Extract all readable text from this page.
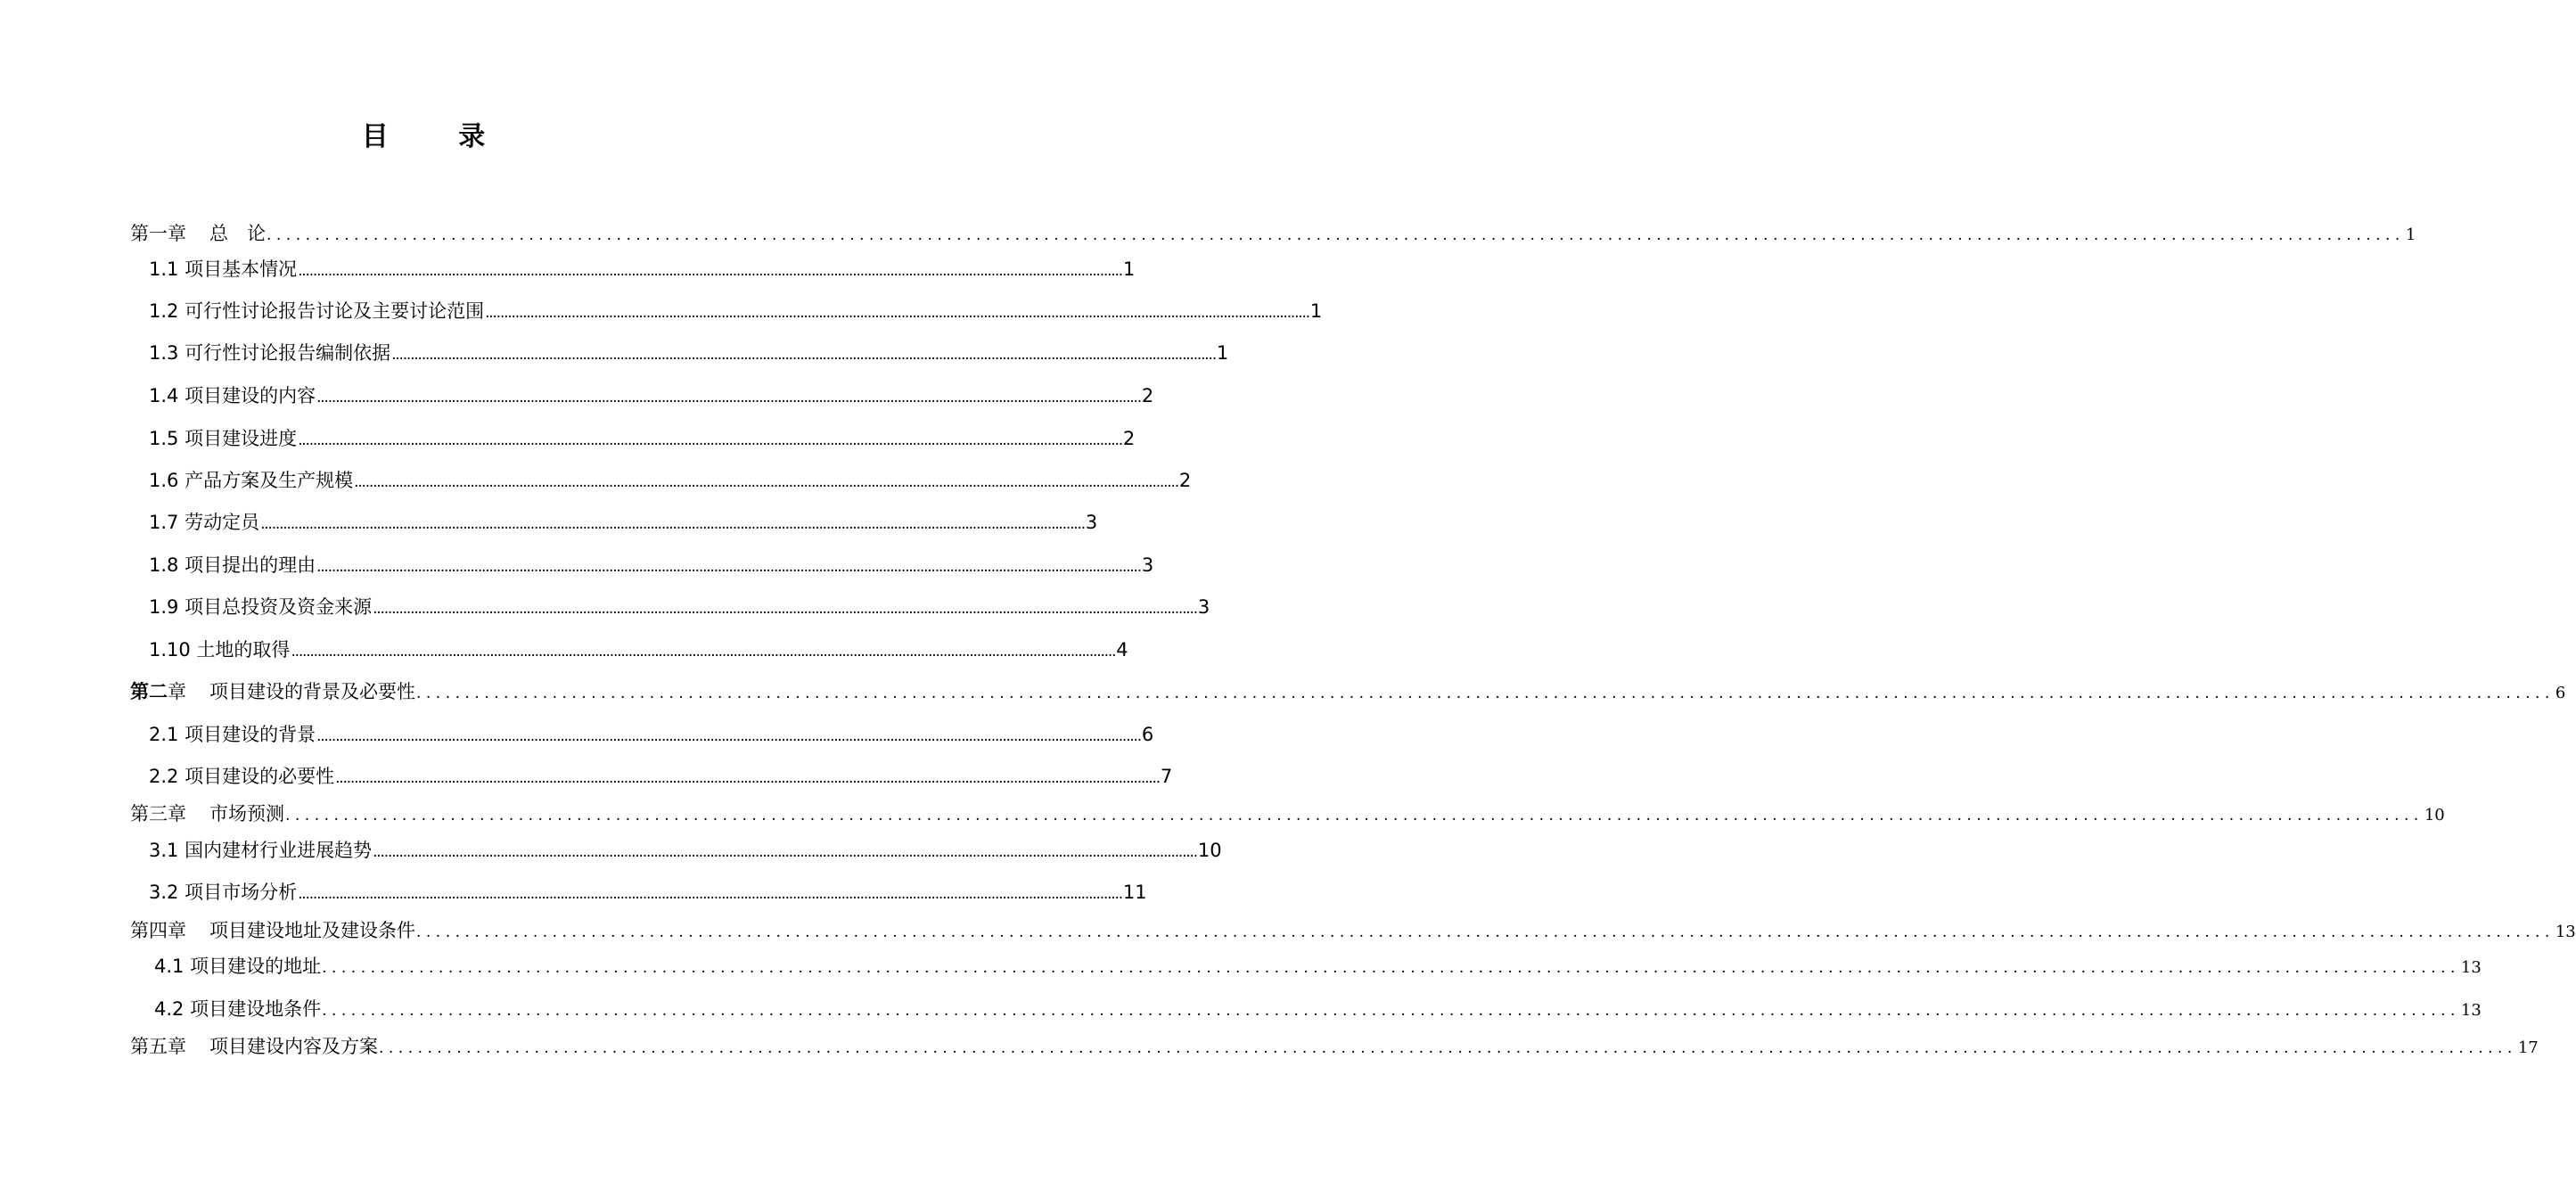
目 录
第一章 总　论 ............................................................................................................................................................................................................................ 1
1.1 项目基本情况 ............................................................................................................................................................................................................................ 1
1.2 可行性讨论报告讨论及主要讨论范围 ............................................................................................................................................................................................................................ 1
1.3 可行性讨论报告编制依据 ............................................................................................................................................................................................................................ 1
1.4 项目建设的内容 ............................................................................................................................................................................................................................ 2
1.5 项目建设进度 ............................................................................................................................................................................................................................ 2
1.6 产品方案及生产规模 ............................................................................................................................................................................................................................ 2
1.7 劳动定员 ............................................................................................................................................................................................................................ 3
1.8 项目提出的理由 ............................................................................................................................................................................................................................ 3
1.9 项目总投资及资金来源 ............................................................................................................................................................................................................................ 3
1.10 土地的取得 ............................................................................................................................................................................................................................ 4
第二章 项目建设的背景及必要性 ............................................................................................................................................................................................................................ 6
2.1 项目建设的背景 ............................................................................................................................................................................................................................ 6
2.2 项目建设的必要性 ............................................................................................................................................................................................................................ 7
第三章 市场预测 ............................................................................................................................................................................................................................ 10
3.1 国内建材行业进展趋势 ............................................................................................................................................................................................................................ 10
3.2 项目市场分析 ............................................................................................................................................................................................................................ 11
第四章 项目建设地址及建设条件 ............................................................................................................................................................................................................................ 13
4.1 项目建设的地址 ............................................................................................................................................................................................................................ 13
4.2 项目建设地条件 ............................................................................................................................................................................................................................ 13
第五章 项目建设内容及方案 ............................................................................................................................................................................................................................ 17
